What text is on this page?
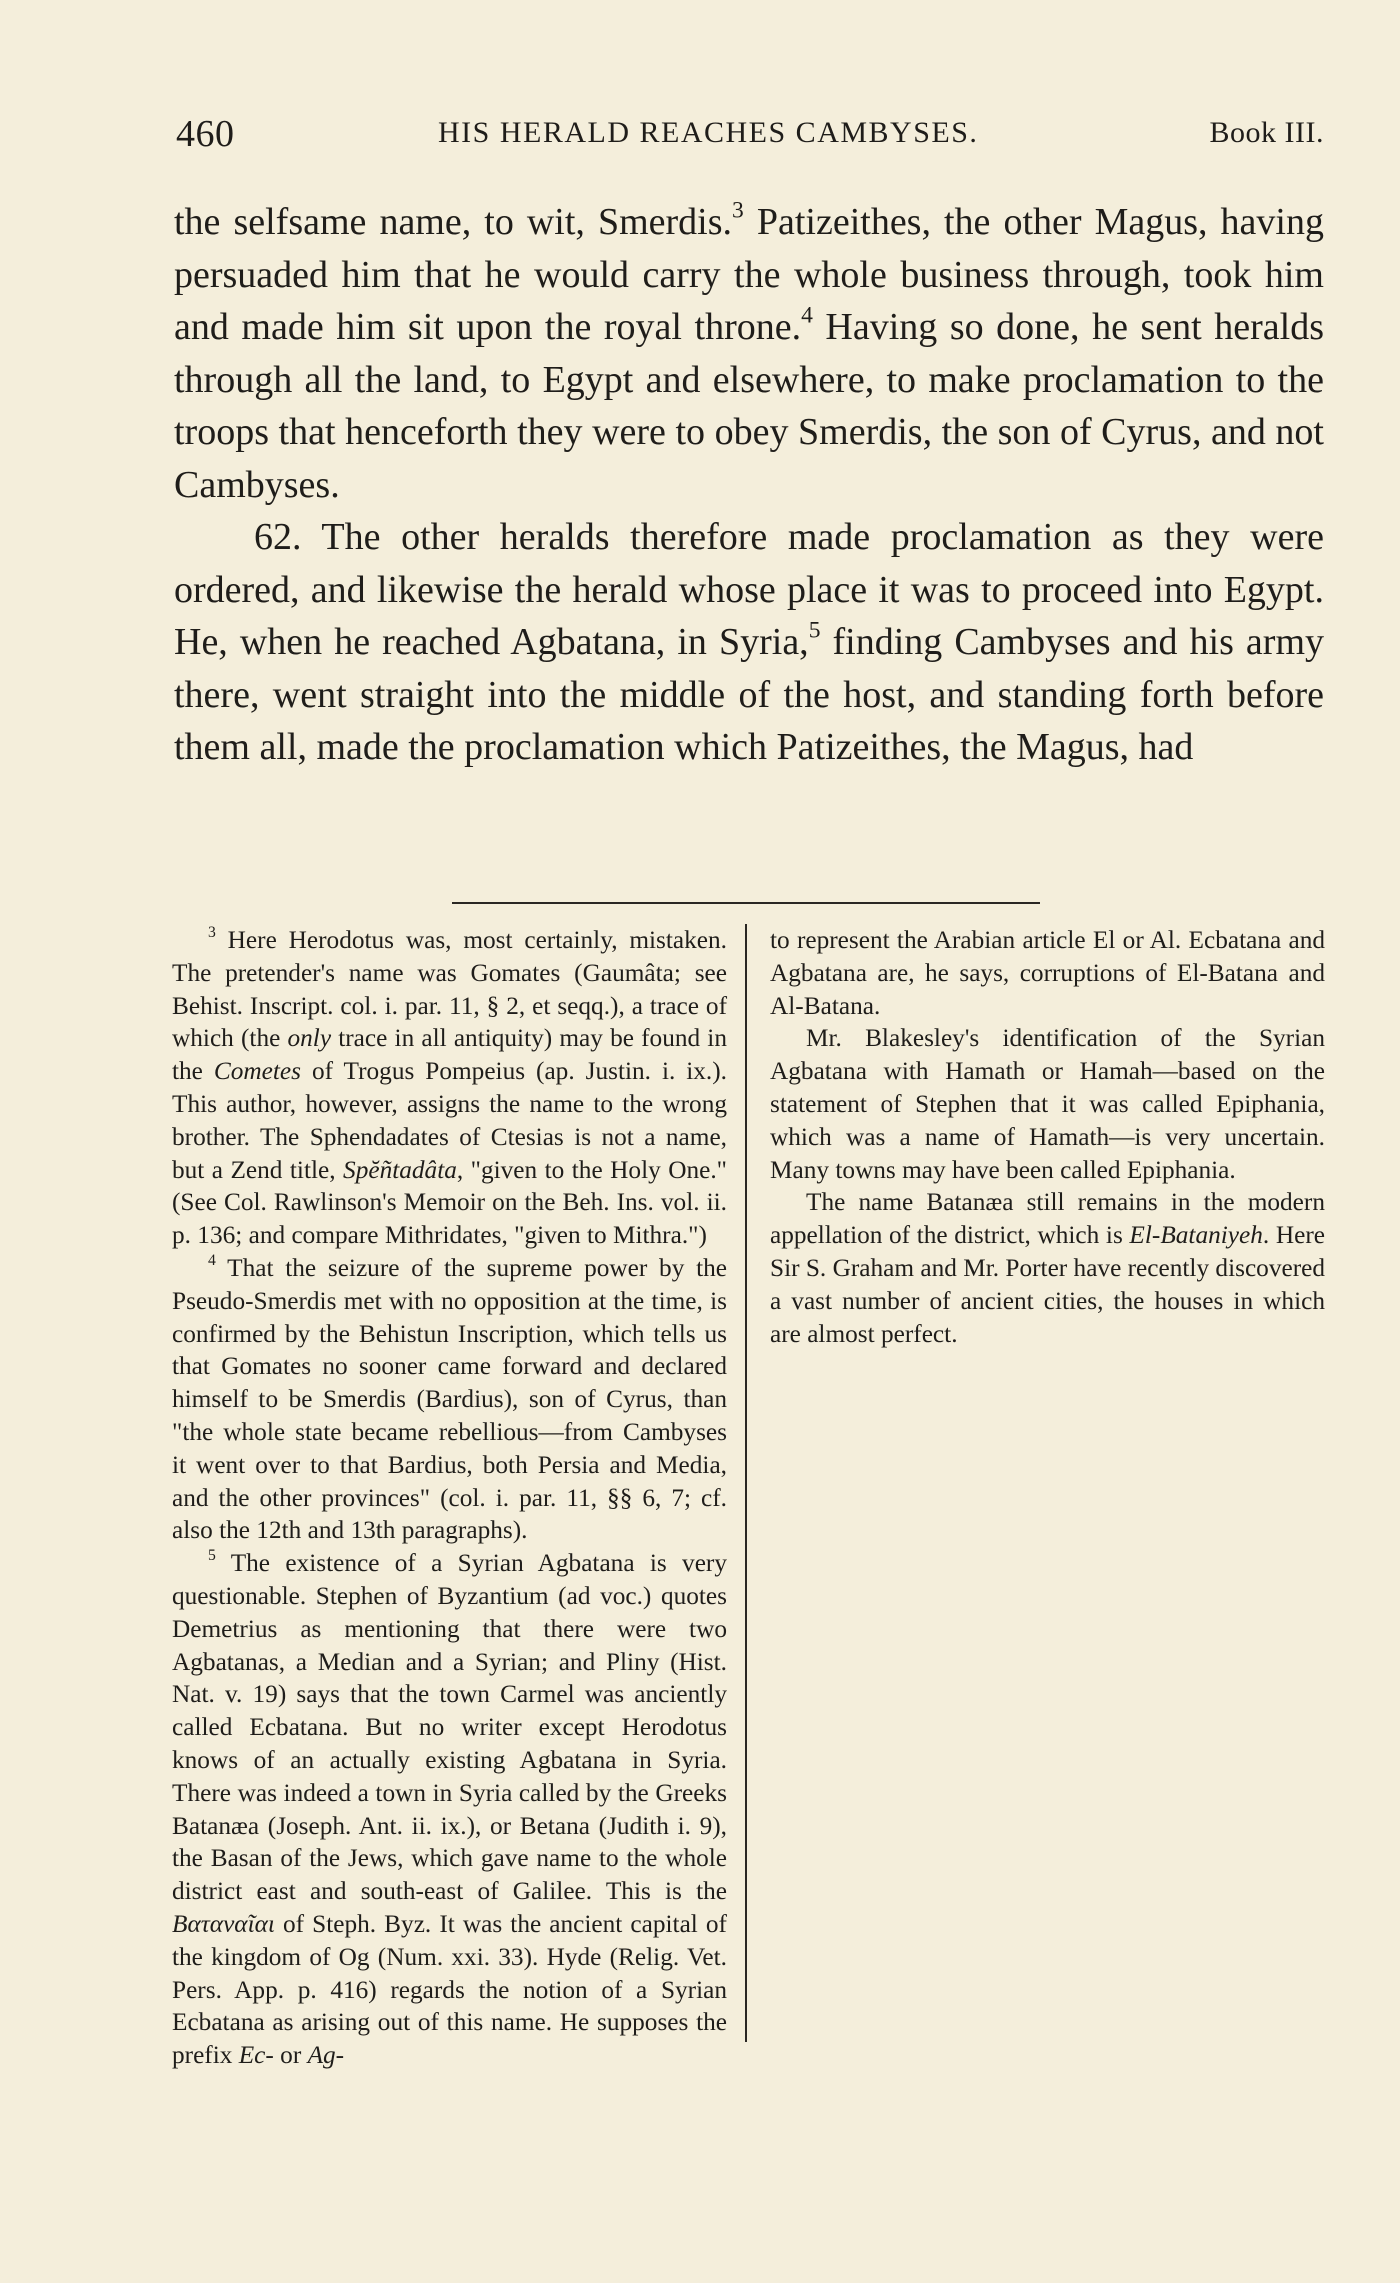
460	HIS HERALD REACHES CAMBYSES.	Book III.

the selfsame name, to wit, Smerdis.$^3$ Patizeithes, the other Magus, having persuaded him that he would carry the whole business through, took him and made him sit upon the royal throne.$^4$ Having so done, he sent heralds through all the land, to Egypt and elsewhere, to make proclamation to the troops that henceforth they were to obey Smerdis, the son of Cyrus, and not Cambyses.

62. The other heralds therefore made proclamation as they were ordered, and likewise the herald whose place it was to proceed into Egypt. He, when he reached Agbatana, in Syria,$^5$ finding Cambyses and his army there, went straight into the middle of the host, and standing forth before them all, made the proclamation which Patizeithes, the Magus, had

$^3$ Here Herodotus was, most certainly, mistaken. The pretender's name was Gomates (Gaumâta; see Behist. Inscript. col. i. par. 11, § 2, et seqq.), a trace of which (the only trace in all antiquity) may be found in the Cometes of Trogus Pompeius (ap. Justin. i. ix.). This author, however, assigns the name to the wrong brother. The Sphendadates of Ctesias is not a name, but a Zend title, Spĕñtadâta, "given to the Holy One." (See Col. Rawlinson's Memoir on the Beh. Ins. vol. ii. p. 136; and compare Mithridates, "given to Mithra.")

$^4$ That the seizure of the supreme power by the Pseudo-Smerdis met with no opposition at the time, is confirmed by the Behistun Inscription, which tells us that Gomates no sooner came forward and declared himself to be Smerdis (Bardius), son of Cyrus, than "the whole state became rebellious—from Cambyses it went over to that Bardius, both Persia and Media, and the other provinces" (col. i. par. 11, §§ 6, 7; cf. also the 12th and 13th paragraphs).

$^5$ The existence of a Syrian Agbatana is very questionable. Stephen of Byzantium (ad voc.) quotes Demetrius as mentioning that there were two Agbatanas, a Median and a Syrian; and Pliny (Hist. Nat. v. 19) says that the town Carmel was anciently called Ecbatana. But no writer except Herodotus knows of an actually existing Agbatana in Syria. There was indeed a town in Syria called by the Greeks Batanæa (Joseph. Ant. ii. ix.), or Betana (Judith i. 9), the Basan of the Jews, which gave name to the whole district east and south-east of Galilee. This is the Βαταναῖαι of Steph. Byz. It was the ancient capital of the kingdom of Og (Num. xxi. 33). Hyde (Relig. Vet. Pers. App. p. 416) regards the notion of a Syrian Ecbatana as arising out of this name. He supposes the prefix Ec- or Ag-

to represent the Arabian article El or Al. Ecbatana and Agbatana are, he says, corruptions of El-Batana and Al-Batana.

Mr. Blakesley's identification of the Syrian Agbatana with Hamath or Hamah—based on the statement of Stephen that it was called Epiphania, which was a name of Hamath—is very uncertain. Many towns may have been called Epiphania.

The name Batanæa still remains in the modern appellation of the district, which is El-Bataniyeh. Here Sir S. Graham and Mr. Porter have recently discovered a vast number of ancient cities, the houses in which are almost perfect.
